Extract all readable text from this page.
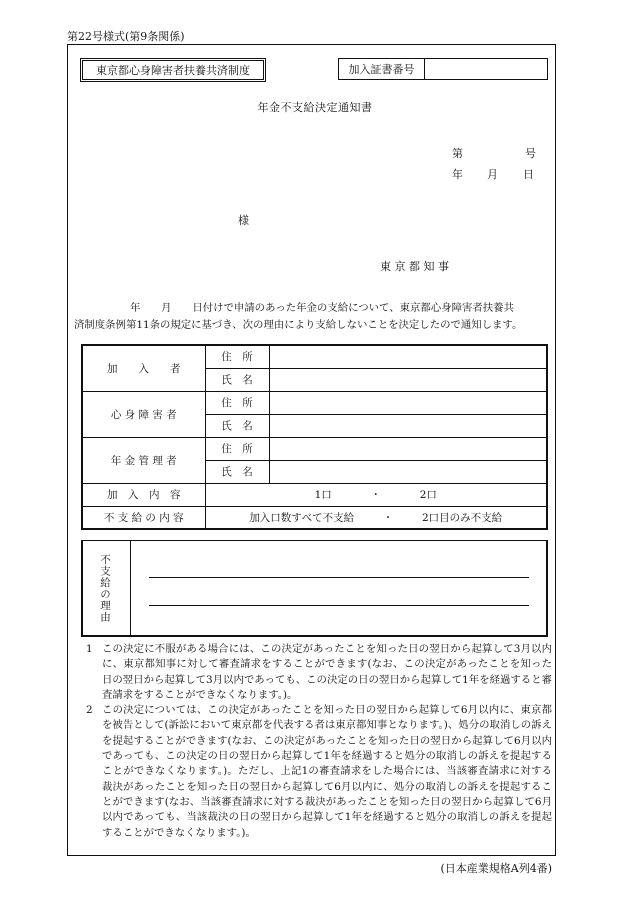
第22号様式(第9条関係)
東京都心身障害者扶養共済制度	加入証書番号
年金不支給決定通知書
第	号
年 月 日
様
東 京 都 知 事
年　　月　　日付けで申請のあった年金の支給について、東京都心身障害者扶養共
済制度条例第11条の規定に基づき、次の理由により支給しないことを決定したので通知します。
加　　入　　者	住　所	
	氏　名	
心 身 障 害 者	住　所	
	氏　名	
年 金 管 理 者	住　所	
	氏　名	
加　入　内　容	1口 ・ 2口	
不 支 給 の 内 容	加入口数すべて不支給 ・ 2口目のみ不支給	
不支給の理由
1 この決定に不服がある場合には、この決定があったことを知った日の翌日から起算して3月以内に、東京都知事に対して審査請求をすることができます(なお、この決定があったことを知った日の翌日から起算して3月以内であっても、この決定の日の翌日から起算して1年を経過すると審査請求をすることができなくなります。)。
2 この決定については、この決定があったことを知った日の翌日から起算して6月以内に、東京都を被告として(訴訟において東京都を代表する者は東京都知事となります。)、処分の取消しの訴えを提起することができます(なお、この決定があったことを知った日の翌日から起算して6月以内であっても、この決定の日の翌日から起算して1年を経過すると処分の取消しの訴えを提起することができなくなります。)。ただし、上記1の審査請求をした場合には、当該審査請求に対する裁決があったことを知った日の翌日から起算して6月以内に、処分の取消しの訴えを提起することができます(なお、当該審査請求に対する裁決があったことを知った日の翌日から起算して6月以内であっても、当該裁決の日の翌日から起算して1年を経過すると処分の取消しの訴えを提起することができなくなります。)。
(日本産業規格A列4番)
